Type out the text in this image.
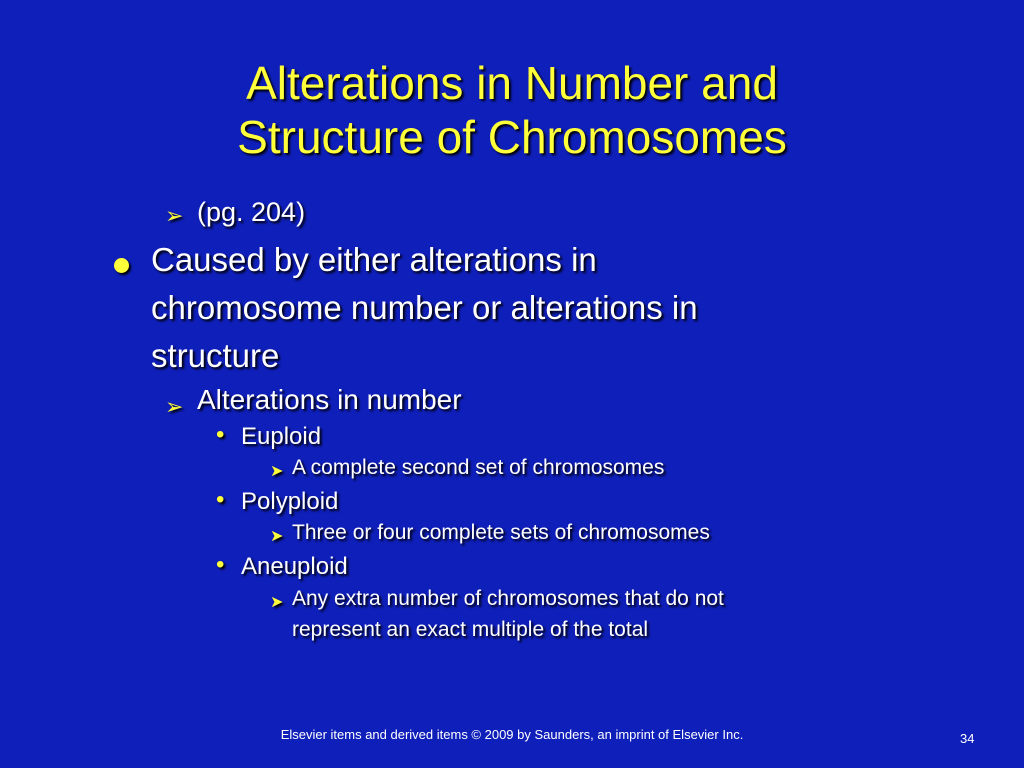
Alterations in Number and
Structure of Chromosomes
➢ (pg. 204)
Caused by either alterations in
chromosome number or alterations in
structure
➢ Alterations in number
• Euploid
➤ A complete second set of chromosomes
• Polyploid
➤ Three or four complete sets of chromosomes
• Aneuploid
➤ Any extra number of chromosomes that do not
represent an exact multiple of the total
Elsevier items and derived items © 2009 by Saunders, an imprint of Elsevier Inc.	34
